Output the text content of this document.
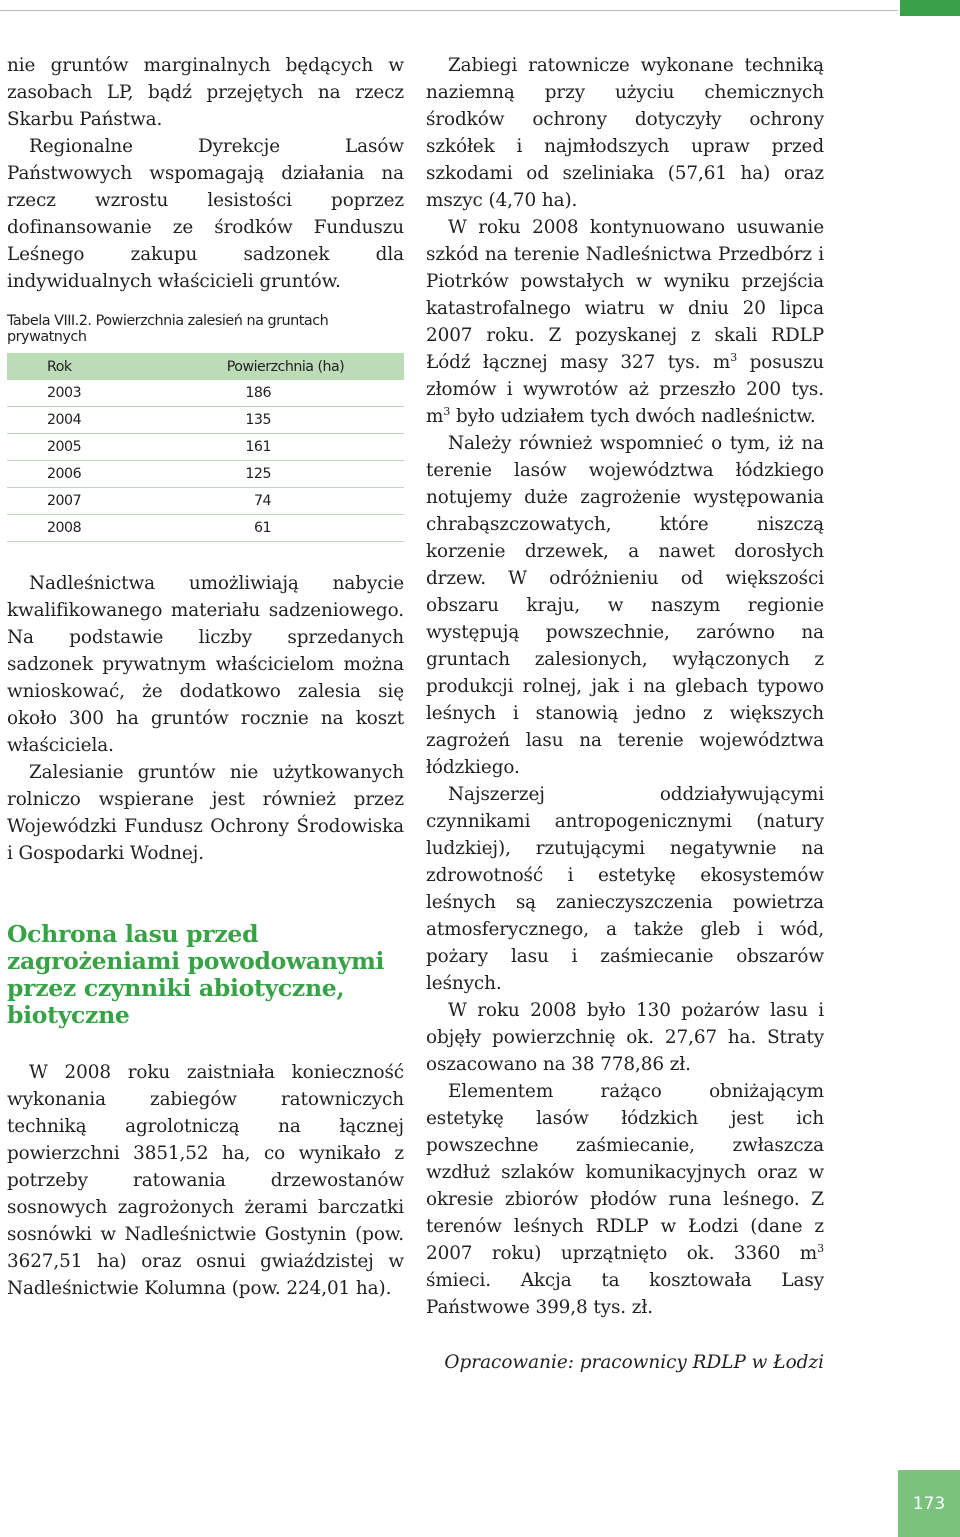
nie gruntów marginalnych będących w zasobach LP, bądź przejętych na rzecz Skarbu Państwa.

Regionalne Dyrekcje Lasów Państwowych wspomagają działania na rzecz wzrostu lesistości poprzez dofinansowanie ze środków Funduszu Leśnego zakupu sadzonek dla indywidualnych właścicieli gruntów.

Tabela VIII.2. Powierzchnia zalesień na gruntach prywatnych
Rok	Powierzchnia (ha)
2003	186
2004	135
2005	161
2006	125
2007	74
2008	61

Nadleśnictwa umożliwiają nabycie kwalifikowanego materiału sadzeniowego. Na podstawie liczby sprzedanych sadzonek prywatnym właścicielom można wnioskować, że dodatkowo zalesia się około 300 ha gruntów rocznie na koszt właściciela.

Zalesianie gruntów nie użytkowanych rolniczo wspierane jest również przez Wojewódzki Fundusz Ochrony Środowiska i Gospodarki Wodnej.

Ochrona lasu przed zagrożeniami powodowanymi przez czynniki abiotyczne, biotyczne

W 2008 roku zaistniała konieczność wykonania zabiegów ratowniczych techniką agrolotniczą na łącznej powierzchni 3851,52 ha, co wynikało z potrzeby ratowania drzewostanów sosnowych zagrożonych żerami barczatki sosnówki w Nadleśnictwie Gostynin (pow. 3627,51 ha) oraz osnui gwiaździstej w Nadleśnictwie Kolumna (pow. 224,01 ha).

Zabiegi ratownicze wykonane techniką naziemną przy użyciu chemicznych środków ochrony dotyczyły ochrony szkółek i najmłodszych upraw przed szkodami od szeliniaka (57,61 ha) oraz mszyc (4,70 ha).

W roku 2008 kontynuowano usuwanie szkód na terenie Nadleśnictwa Przedbórz i Piotrków powstałych w wyniku przejścia katastrofalnego wiatru w dniu 20 lipca 2007 roku. Z pozyskanej z skali RDLP Łódź łącznej masy 327 tys. $m^3$ posuszu złomów i wywrotów aż przeszło 200 tys. $m^3$ było udziałem tych dwóch nadleśnictw.

Należy również wspomnieć o tym, iż na terenie lasów województwa łódzkiego notujemy duże zagrożenie występowania chrabąszczowatych, które niszczą korzenie drzewek, a nawet dorosłych drzew. W odróżnieniu od większości obszaru kraju, w naszym regionie występują powszechnie, zarówno na gruntach zalesionych, wyłączonych z produkcji rolnej, jak i na glebach typowo leśnych i stanowią jedno z większych zagrożeń lasu na terenie województwa łódzkiego.

Najszerzej oddziaływującymi czynnikami antropogenicznymi (natury ludzkiej), rzutującymi negatywnie na zdrowotność i estetykę ekosystemów leśnych są zanieczyszczenia powietrza atmosferycznego, a także gleb i wód, pożary lasu i zaśmiecanie obszarów leśnych.

W roku 2008 było 130 pożarów lasu i objęły powierzchnię ok. 27,67 ha. Straty oszacowano na 38 778,86 zł.

Elementem rażąco obniżającym estetykę lasów łódzkich jest ich powszechne zaśmiecanie, zwłaszcza wzdłuż szlaków komunikacyjnych oraz w okresie zbiorów płodów runa leśnego. Z terenów leśnych RDLP w Łodzi (dane z 2007 roku) uprzątnięto ok. 3360 $m^3$ śmieci. Akcja ta kosztowała Lasy Państwowe 399,8 tys. zł.

Opracowanie: pracownicy RDLP w Łodzi
173
